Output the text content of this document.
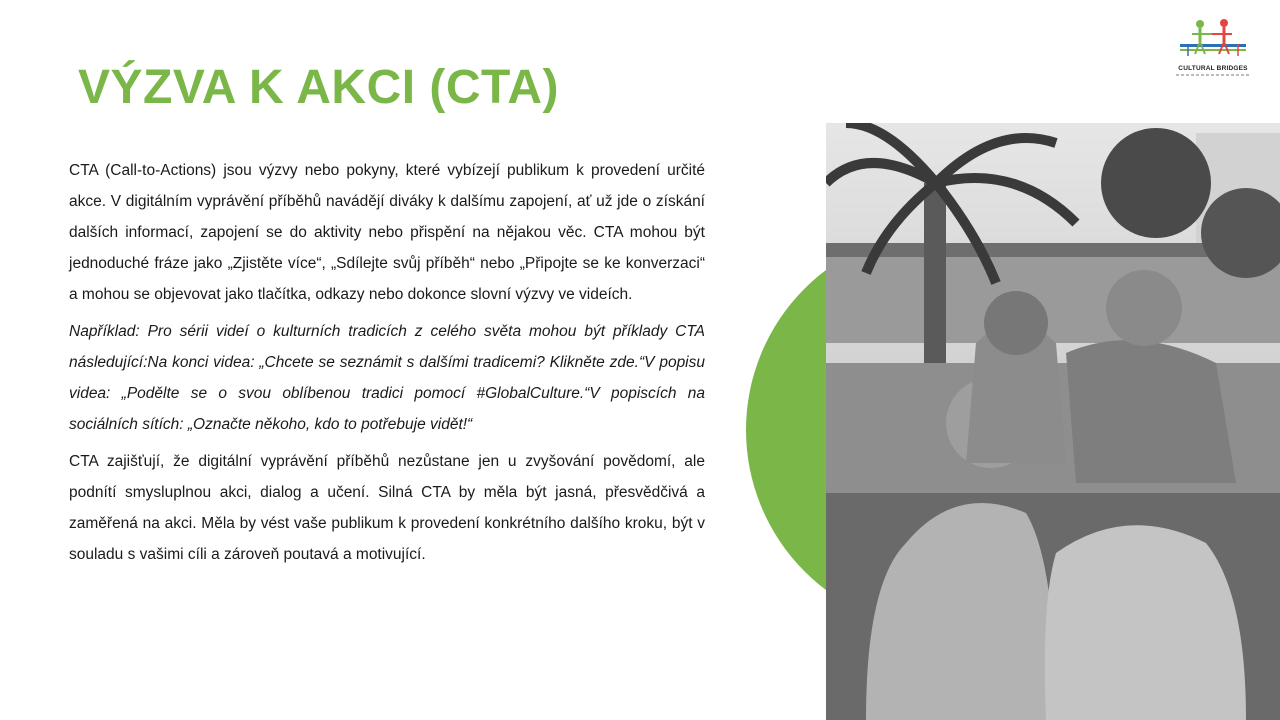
VÝZVA K AKCI (CTA)	CULTURAL BRIDGES

CTA (Call-to-Actions) jsou výzvy nebo pokyny, které vybízejí publikum k provedení určité akce. V digitálním vyprávění příběhů navádějí diváky k dalšímu zapojení, ať už jde o získání dalších informací, zapojení se do aktivity nebo přispění na nějakou věc. CTA mohou být jednoduché fráze jako „Zjistěte více“, „Sdílejte svůj příběh“ nebo „Připojte se ke konverzaci“ a mohou se objevovat jako tlačítka, odkazy nebo dokonce slovní výzvy ve videích.

Například: Pro sérii videí o kulturních tradicích z celého světa mohou být příklady CTA následující:Na konci videa: „Chcete se seznámit s dalšími tradicemi? Klikněte zde.“V popisu videa: „Podělte se o svou oblíbenou tradici pomocí #GlobalCulture.“V popiscích na sociálních sítích: „Označte někoho, kdo to potřebuje vidět!“

CTA zajišťují, že digitální vyprávění příběhů nezůstane jen u zvyšování povědomí, ale podnítí smysluplnou akci, dialog a učení. Silná CTA by měla být jasná, přesvědčivá a zaměřená na akci. Měla by vést vaše publikum k provedení konkrétního dalšího kroku, být v souladu s vašimi cíli a zároveň poutavá a motivující.
